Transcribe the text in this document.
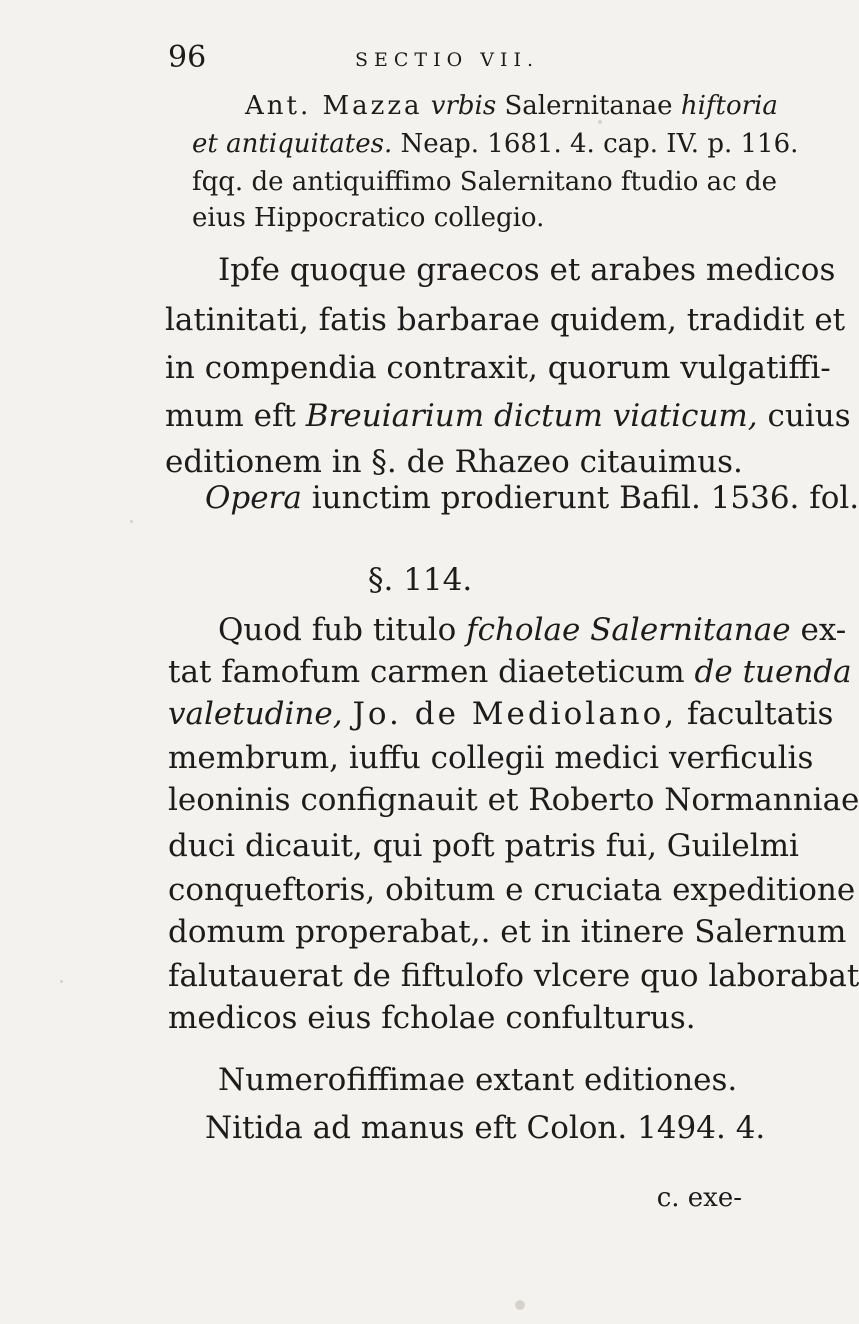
96	SECTIO VII.

Ant. Mazza vrbis Salernitanae hiftoria

et antiquitates. Neap. 1681. 4. cap. IV. p. 116.

fqq. de antiquiffimo Salernitano ftudio ac de

eius Hippocratico collegio.

Ipfe quoque graecos et arabes medicos

latinitati, fatis barbarae quidem, tradidit et

in compendia contraxit, quorum vulgatiffi-

mum eft Breuiarium dictum viaticum, cuius

editionem in §. de Rhazeo citauimus.

Opera iunctim prodierunt Bafil. 1536. fol.

§. 114.

Quod fub titulo fcholae Salernitanae ex-

tat famofum carmen diaeteticum de tuenda

valetudine, Jo. de Mediolano, facultatis

membrum, iuffu collegii medici verficulis

leoninis confignauit et Roberto Normanniae

duci dicauit, qui poft patris fui, Guilelmi

conqueftoris, obitum e cruciata expeditione

domum properabat,. et in itinere Salernum

falutauerat de fiftulofo vlcere quo laborabat

medicos eius fcholae confulturus.

Numerofiffimae extant editiones.

Nitida ad manus eft Colon. 1494. 4.

c. exe-
